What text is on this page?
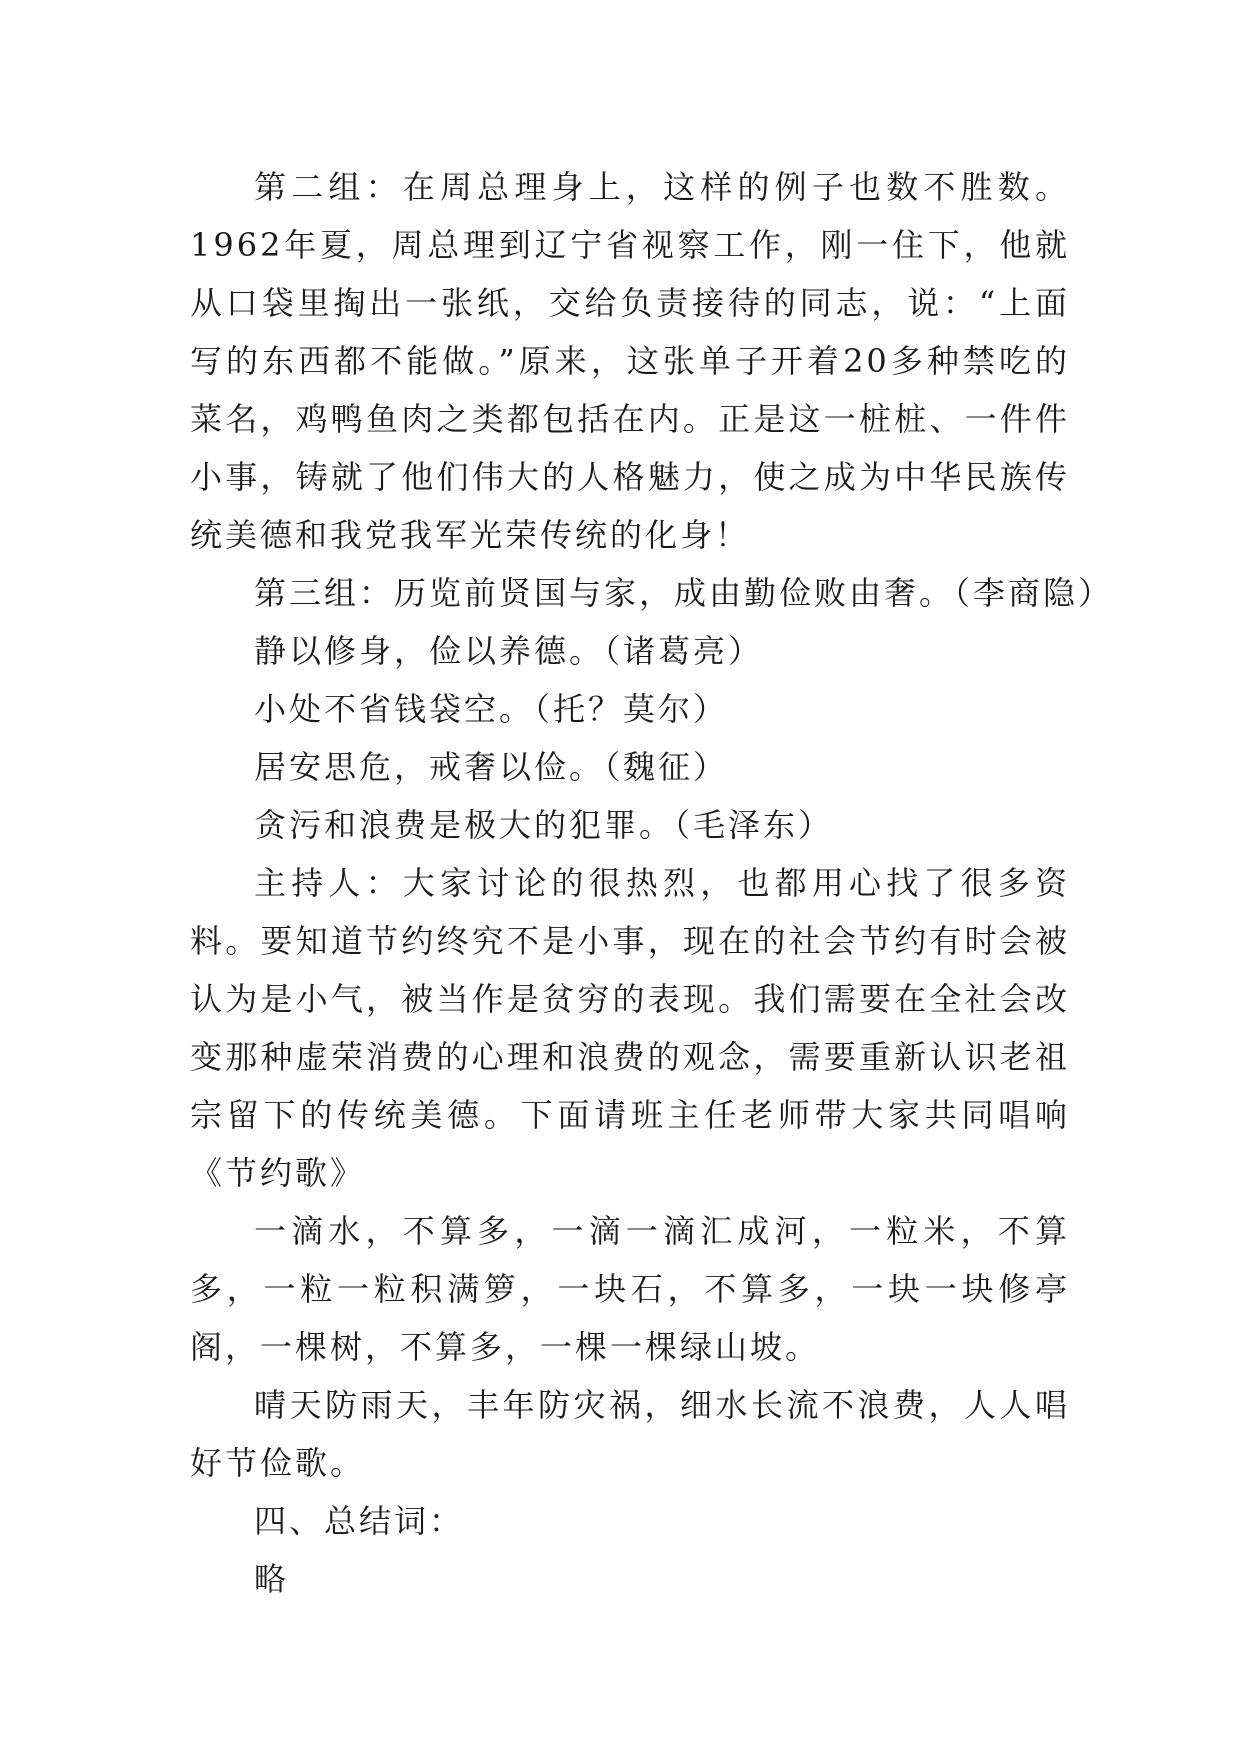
第二组：在周总理身上，这样的例子也数不胜数。1962年夏，周总理到辽宁省视察工作，刚一住下，他就从口袋里掏出一张纸，交给负责接待的同志，说：“上面写的东西都不能做。”原来，这张单子开着20多种禁吃的菜名，鸡鸭鱼肉之类都包括在内。正是这一桩桩、一件件小事，铸就了他们伟大的人格魅力，使之成为中华民族传统美德和我党我军光荣传统的化身！

第三组：历览前贤国与家，成由勤俭败由奢。（李商隐）

静以修身，俭以养德。（诸葛亮）

小处不省钱袋空。（托？莫尔）

居安思危，戒奢以俭。（魏征）

贪污和浪费是极大的犯罪。（毛泽东）

主持人：大家讨论的很热烈，也都用心找了很多资料。要知道节约终究不是小事，现在的社会节约有时会被认为是小气，被当作是贫穷的表现。我们需要在全社会改变那种虚荣消费的心理和浪费的观念，需要重新认识老祖宗留下的传统美德。下面请班主任老师带大家共同唱响《节约歌》

一滴水，不算多，一滴一滴汇成河，一粒米，不算多，一粒一粒积满箩，一块石，不算多，一块一块修亭阁，一棵树，不算多，一棵一棵绿山坡。

晴天防雨天，丰年防灾祸，细水长流不浪费，人人唱好节俭歌。

四、总结词：

略
